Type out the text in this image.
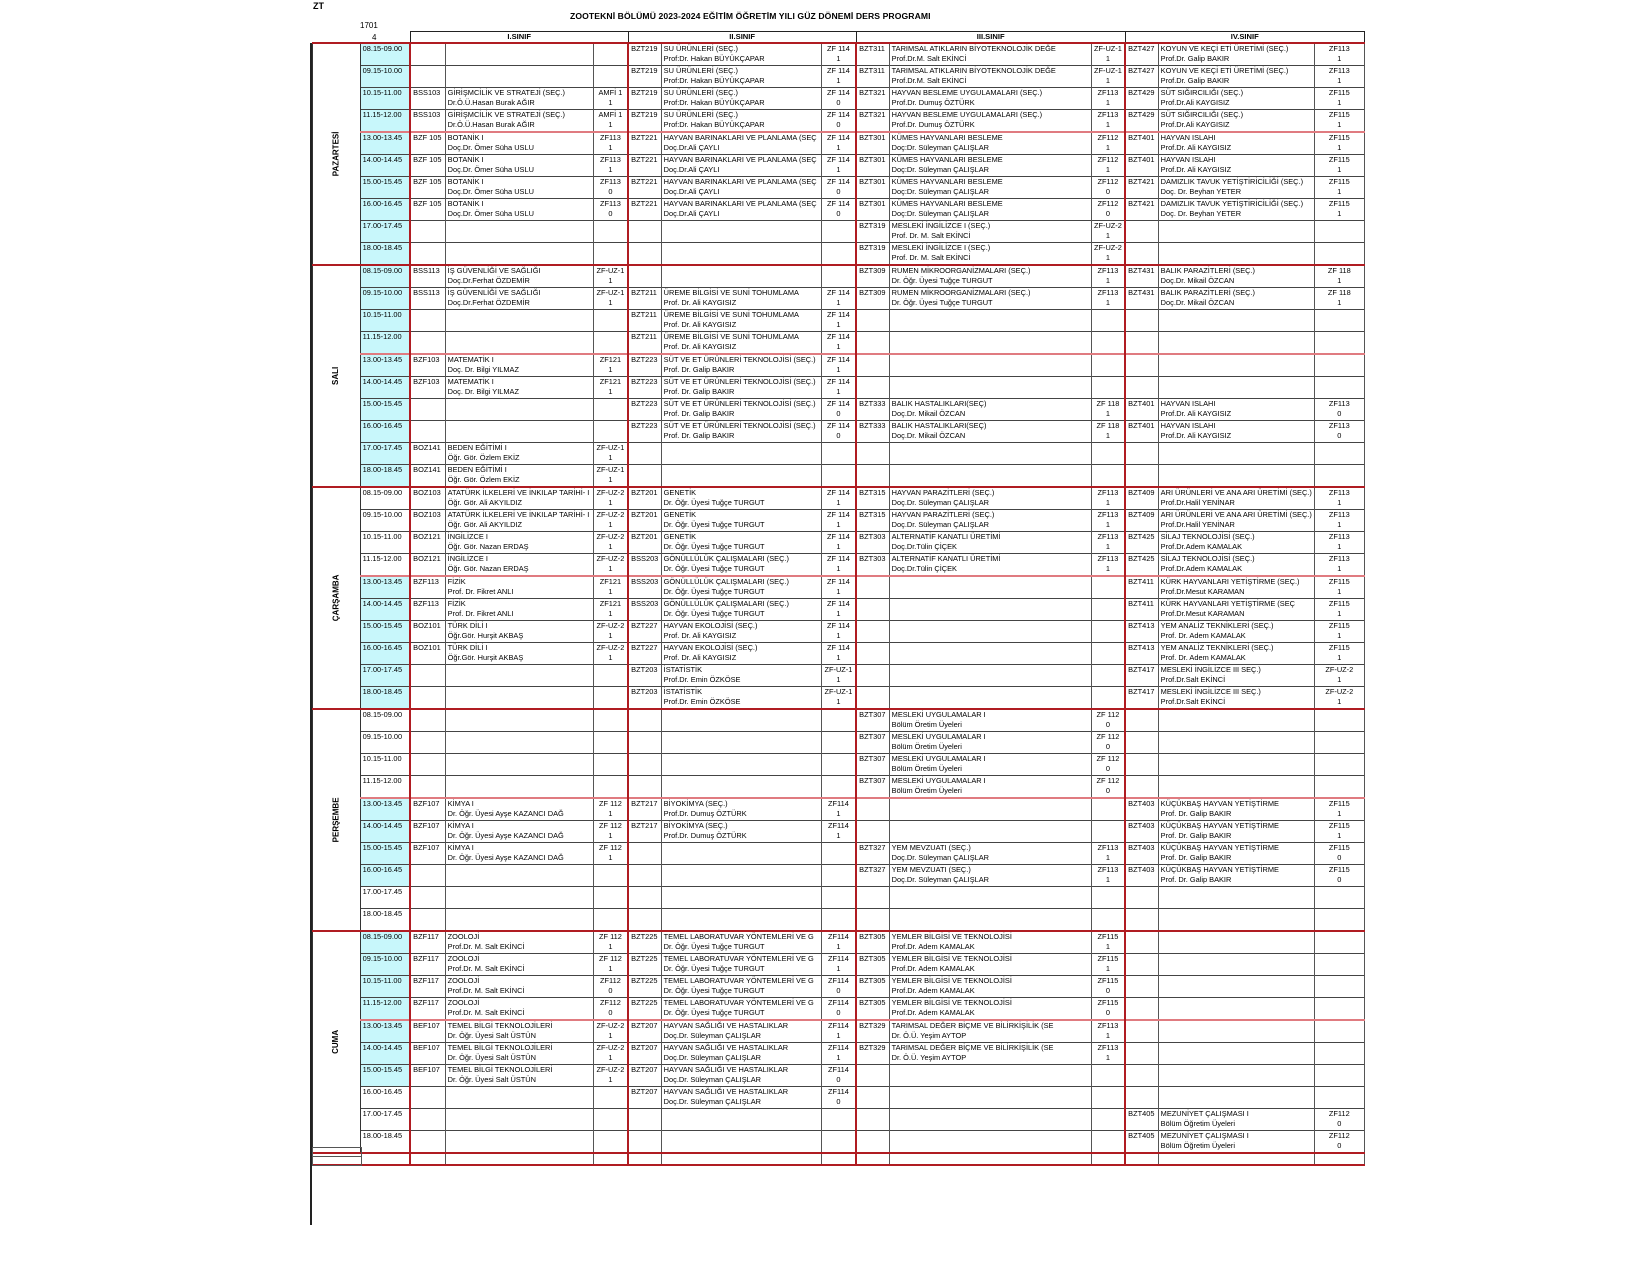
ZT
ZOOTEKNİ BÖLÜMÜ 2023-2024 EĞİTİM ÖĞRETİM YILI GÜZ DÖNEMİ DERS PROGRAMI
1701
4
		I.SINIF			II.SINIF			III.SINIF			IV.SINIF		
PAZARTESİ	08.15-09.00				BZT219	SU ÜRÜNLERİ (SEÇ.)	ZF 114	BZT311	TARIMSAL ATIKLARIN BİYOTEKNOLOJİK DEĞE	ZF-UZ-1	BZT427	KOYUN VE KEÇİ ETİ ÜRETİMİ (SEÇ.)	ZF113
						Prof:Dr. Hakan BÜYÜKÇAPAR	1		Prof.Dr.M. Salt EKİNCİ	1		Prof.Dr. Galip BAKIR	1
	09.15-10.00				BZT219	SU ÜRÜNLERİ (SEÇ.)	ZF 114	BZT311	TARIMSAL ATIKLARIN BİYOTEKNOLOJİK DEĞE	ZF-UZ-1	BZT427	KOYUN VE KEÇİ ETİ ÜRETİMİ (SEÇ.)	ZF113
						Prof:Dr. Hakan BÜYÜKÇAPAR	1		Prof.Dr.M. Salt EKİNCİ	1		Prof.Dr. Galip BAKIR	1
	10.15-11.00	BSS103	GİRİŞMCİLİK VE STRATEJİ (SEÇ.)	AMFİ 1	BZT219	SU ÜRÜNLERİ (SEÇ.)	ZF 114	BZT321	HAYVAN BESLEME UYGULAMALARI (SEÇ.)	ZF113	BZT429	SÜT SIĞIRCILIĞI (SEÇ.)	ZF115
			Dr.Ö.Ü.Hasan Burak AĞIR	1		Prof:Dr. Hakan BÜYÜKÇAPAR	0		Prof.Dr. Dumuş ÖZTÜRK	1		Prof.Dr.Ali KAYGISIZ	1
	11.15-12.00	BSS103	GİRİŞMCİLİK VE STRATEJİ (SEÇ.)	AMFİ 1	BZT219	SU ÜRÜNLERİ (SEÇ.)	ZF 114	BZT321	HAYVAN BESLEME UYGULAMALARI (SEÇ.)	ZF113	BZT429	SÜT SIĞIRCILIĞI (SEÇ.)	ZF115
			Dr.Ö.Ü.Hasan Burak AĞIR	1		Prof:Dr. Hakan BÜYÜKÇAPAR	0		Prof.Dr. Dumuş ÖZTÜRK	1		Prof.Dr.Ali KAYGISIZ	1
	13.00-13.45	BZF 105	BOTANİK I	ZF113	BZT221	HAYVAN BARINAKLARI VE PLANLAMA (SEÇ	ZF 114	BZT301	KÜMES HAYVANLARI BESLEME	ZF112	BZT401	HAYVAN ISLAHI	ZF115
			Doç.Dr. Ömer Süha USLU	1		Doç.Dr.Ali ÇAYLI	1		Doç:Dr. Süleyman ÇALIŞLAR	1		Prof.Dr. Ali KAYGISIZ	1
	14.00-14.45	BZF 105	BOTANİK I	ZF113	BZT221	HAYVAN BARINAKLARI VE PLANLAMA (SEÇ	ZF 114	BZT301	KÜMES HAYVANLARI BESLEME	ZF112	BZT401	HAYVAN ISLAHI	ZF115
			Doç.Dr. Ömer Süha USLU	1		Doç.Dr.Ali ÇAYLI	1		Doç:Dr. Süleyman ÇALIŞLAR	1		Prof.Dr. Ali KAYGISIZ	1
	15.00-15.45	BZF 105	BOTANİK I	ZF113	BZT221	HAYVAN BARINAKLARI VE PLANLAMA (SEÇ	ZF 114	BZT301	KÜMES HAYVANLARI BESLEME	ZF112	BZT421	DAMIZLIK TAVUK YETİŞTİRİCİLİĞİ (SEÇ.)	ZF115
			Doç.Dr. Ömer Süha USLU	0		Doç.Dr.Ali ÇAYLI	0		Doç:Dr. Süleyman ÇALIŞLAR	0		Doç. Dr. Beyhan YETER	1
	16.00-16.45	BZF 105	BOTANİK I	ZF113	BZT221	HAYVAN BARINAKLARI VE PLANLAMA (SEÇ	ZF 114	BZT301	KÜMES HAYVANLARI BESLEME	ZF112	BZT421	DAMIZLIK TAVUK YETİŞTİRİCİLİĞİ (SEÇ.)	ZF115
			Doç.Dr. Ömer Süha USLU	0		Doç.Dr.Ali ÇAYLI	0		Doç:Dr. Süleyman ÇALIŞLAR	0		Doç. Dr. Beyhan YETER	1
	17.00-17.45							BZT319	MESLEKİ İNGİLİZCE I (SEÇ.)	ZF-UZ-2			
									Prof. Dr. M. Salt EKİNCİ	1			
	18.00-18.45							BZT319	MESLEKİ İNGİLİZCE I (SEÇ.)	ZF-UZ-2			
									Prof. Dr. M. Salt EKİNCİ	1			
SALI	08.15-09.00	BSS113	İŞ GÜVENLİĞİ VE SAĞLIĞI	ZF-UZ-1				BZT309	RUMEN MİKROORGANİZMALARI (SEÇ.)	ZF113	BZT431	BALIK PARAZİTLERİ (SEÇ.)	ZF 118
			Doç.Dr.Ferhat ÖZDEMİR	1					Dr. Öğr. Üyesi Tuğçe TURGUT	1		Doç.Dr. Mikail ÖZCAN	1
	09.15-10.00	BSS113	İŞ GÜVENLİĞİ VE SAĞLIĞI	ZF-UZ-1	BZT211	ÜREME BİLGİSİ VE SUNİ TOHUMLAMA	ZF 114	BZT309	RUMEN MİKROORGANİZMALARI (SEÇ.)	ZF113	BZT431	BALIK PARAZİTLERİ (SEÇ.)	ZF 118
			Doç.Dr.Ferhat ÖZDEMİR	1		Prof. Dr. Ali KAYGISIZ	1		Dr. Öğr. Üyesi Tuğçe TURGUT	1		Doç.Dr. Mikail ÖZCAN	1
	10.15-11.00				BZT211	ÜREME BİLGİSİ VE SUNİ TOHUMLAMA	ZF 114						
						Prof. Dr. Ali KAYGISIZ	1						
	11.15-12.00				BZT211	ÜREME BİLGİSİ VE SUNİ TOHUMLAMA	ZF 114						
						Prof. Dr. Ali KAYGISIZ	1						
	13.00-13.45	BZF103	MATEMATİK I	ZF121	BZT223	SÜT VE ET ÜRÜNLERİ TEKNOLOJİSİ (SEÇ.)	ZF 114						
			Doç. Dr. Bilgi YILMAZ	1		Prof. Dr. Galip BAKIR	1						
	14.00-14.45	BZF103	MATEMATİK I	ZF121	BZT223	SÜT VE ET ÜRÜNLERİ TEKNOLOJİSİ (SEÇ.)	ZF 114						
			Doç. Dr. Bilgi YILMAZ	1		Prof. Dr. Galip BAKIR	1						
	15.00-15.45				BZT223	SÜT VE ET ÜRÜNLERİ TEKNOLOJİSİ (SEÇ.)	ZF 114	BZT333	BALIK HASTALIKLARI(SEÇ)	ZF 118	BZT401	HAYVAN ISLAHI	ZF113
						Prof. Dr. Galip BAKIR	0		Doç.Dr. Mikail ÖZCAN	1		Prof.Dr. Ali KAYGISIZ	0
	16.00-16.45				BZT223	SÜT VE ET ÜRÜNLERİ TEKNOLOJİSİ (SEÇ.)	ZF 114	BZT333	BALIK HASTALIKLARI(SEÇ)	ZF 118	BZT401	HAYVAN ISLAHI	ZF113
						Prof. Dr. Galip BAKIR	0		Doç.Dr. Mikail ÖZCAN	1		Prof.Dr. Ali KAYGISIZ	0
	17.00-17.45	BOZ141	BEDEN EĞİTİMİ I	ZF-UZ-1									
			Öğr. Gör. Özlem EKİZ	1									
	18.00-18.45	BOZ141	BEDEN EĞİTİMİ I	ZF-UZ-1									
			Öğr. Gör. Özlem EKİZ	1									
ÇARŞAMBA	08.15-09.00	BOZ103	ATATÜRK İLKELERİ VE İNKILAP TARİHİ- I	ZF-UZ-2	BZT201	GENETİK	ZF 114	BZT315	HAYVAN PARAZİTLERİ (SEÇ.)	ZF113	BZT409	ARI ÜRÜNLERİ VE ANA ARI ÜRETİMİ (SEÇ.)	ZF113
			Öğr. Gör. Ali AKYILDIZ	1		Dr. Öğr. Üyesi Tuğçe TURGUT	1		Doç.Dr. Süleyman ÇALIŞLAR	1		Prof.Dr.Halil YENİNAR	1
	09.15-10.00	BOZ103	ATATÜRK İLKELERİ VE İNKILAP TARİHİ- I	ZF-UZ-2	BZT201	GENETİK	ZF 114	BZT315	HAYVAN PARAZİTLERİ (SEÇ.)	ZF113	BZT409	ARI ÜRÜNLERİ VE ANA ARI ÜRETİMİ (SEÇ.)	ZF113
			Öğr. Gör. Ali AKYILDIZ	1		Dr. Öğr. Üyesi Tuğçe TURGUT	1		Doç.Dr. Süleyman ÇALIŞLAR	1		Prof.Dr.Halil YENİNAR	1
	10.15-11.00	BOZ121	İNGİLİZCE I	ZF-UZ-2	BZT201	GENETİK	ZF 114	BZT303	ALTERNATİF KANATLI ÜRETİMİ	ZF113	BZT425	SİLAJ TEKNOLOJİSİ (SEÇ.)	ZF113
			Öğr. Gör. Nazan ERDAŞ	1		Dr. Öğr. Üyesi Tuğçe TURGUT	1		Doç.Dr.Tülin ÇİÇEK	1		Prof.Dr.Adem KAMALAK	1
	11.15-12.00	BOZ121	İNGİLİZCE I	ZF-UZ-2	BSS203	GÖNÜLLÜLÜK ÇALIŞMALARI (SEÇ.)	ZF 114	BZT303	ALTERNATİF KANATLI ÜRETİMİ	ZF113	BZT425	SİLAJ TEKNOLOJİSİ (SEÇ.)	ZF113
			Öğr. Gör. Nazan ERDAŞ	1		Dr. Öğr. Üyesi Tuğçe TURGUT	1		Doç.Dr.Tülin ÇİÇEK	1		Prof.Dr.Adem KAMALAK	1
	13.00-13.45	BZF113	FİZİK	ZF121	BSS203	GÖNÜLLÜLÜK ÇALIŞMALARI (SEÇ.)	ZF 114				BZT411	KÜRK HAYVANLARI YETİŞTİRME (SEÇ.)	ZF115
			Prof. Dr. Fikret ANLI	1		Dr. Öğr. Üyesi Tuğçe TURGUT	1					Prof.Dr.Mesut KARAMAN	1
	14.00-14.45	BZF113	FİZİK	ZF121	BSS203	GÖNÜLLÜLÜK ÇALIŞMALARI (SEÇ.)	ZF 114				BZT411	KÜRK HAYVANLARI YETİŞTİRME (SEÇ	ZF115
			Prof. Dr. Fikret ANLI	1		Dr. Öğr. Üyesi Tuğçe TURGUT	1					Prof.Dr.Mesut KARAMAN	1
	15.00-15.45	BOZ101	TÜRK DİLİ I	ZF-UZ-2	BZT227	HAYVAN EKOLOJİSİ (SEÇ.)	ZF 114				BZT413	YEM ANALİZ TEKNİKLERİ (SEÇ.)	ZF115
			Öğr.Gör. Hurşit AKBAŞ	1		Prof. Dr. Ali KAYGISIZ	1					Prof. Dr. Adem KAMALAK	1
	16.00-16.45	BOZ101	TÜRK DİLİ I	ZF-UZ-2	BZT227	HAYVAN EKOLOJİSİ (SEÇ.)	ZF 114				BZT413	YEM ANALİZ TEKNİKLERİ (SEÇ.)	ZF115
			Öğr.Gör. Hurşit AKBAŞ	1		Prof. Dr. Ali KAYGISIZ	1					Prof. Dr. Adem KAMALAK	1
	17.00-17.45				BZT203	İSTATİSTİK	ZF-UZ-1				BZT417	MESLEKİ İNGİLİZCE III SEÇ.)	ZF-UZ-2
						Prof.Dr. Emin ÖZKÖSE	1					Prof.Dr.Salt EKİNCİ	1
	18.00-18.45				BZT203	İSTATİSTİK	ZF-UZ-1				BZT417	MESLEKİ İNGİLİZCE III SEÇ.)	ZF-UZ-2
						Prof.Dr. Emin ÖZKÖSE	1					Prof.Dr.Salt EKİNCİ	1
PERŞEMBE	08.15-09.00							BZT307	MESLEKİ UYGULAMALAR I	ZF 112			
									Bölüm Öretim Üyeleri	0			
	09.15-10.00							BZT307	MESLEKİ UYGULAMALAR I	ZF 112			
									Bölüm Öretim Üyeleri	0			
	10.15-11.00							BZT307	MESLEKİ UYGULAMALAR I	ZF 112			
									Bölüm Öretim Üyeleri	0			
	11.15-12.00							BZT307	MESLEKİ UYGULAMALAR I	ZF 112			
									Bölüm Öretim Üyeleri	0			
	13.00-13.45	BZF107	KİMYA I	ZF 112	BZT217	BİYOKİMYA (SEÇ.)	ZF114				BZT403	KÜÇÜKBAŞ HAYVAN YETİŞTİRME	ZF115
			Dr. Öğr. Üyesi Ayşe KAZANCI DAĞ	1		Prof.Dr. Dumuş ÖZTÜRK	1					Prof. Dr. Galip BAKIR	1
	14.00-14.45	BZF107	KİMYA I	ZF 112	BZT217	BİYOKİMYA (SEÇ.)	ZF114				BZT403	KÜÇÜKBAŞ HAYVAN YETİŞTİRME	ZF115
			Dr. Öğr. Üyesi Ayşe KAZANCI DAĞ	1		Prof.Dr. Dumuş ÖZTÜRK	1					Prof. Dr. Galip BAKIR	1
	15.00-15.45	BZF107	KİMYA I	ZF 112				BZT327	YEM MEVZUATI (SEÇ.)	ZF113	BZT403	KÜÇÜKBAŞ HAYVAN YETİŞTİRME	ZF115
			Dr. Öğr. Üyesi Ayşe KAZANCI DAĞ	1					Doç.Dr. Süleyman ÇALIŞLAR	1		Prof. Dr. Galip BAKIR	0
	16.00-16.45							BZT327	YEM MEVZUATI (SEÇ.)	ZF113	BZT403	KÜÇÜKBAŞ HAYVAN YETİŞTİRME	ZF115
									Doç.Dr. Süleyman ÇALIŞLAR	1		Prof. Dr. Galip BAKIR	0
	17.00-17.45												

	18.00-18.45												

CUMA	08.15-09.00	BZF117	ZOOLOJİ	ZF 112	BZT225	TEMEL LABORATUVAR YÖNTEMLERİ VE G	ZF114	BZT305	YEMLER BİLGİSİ VE TEKNOLOJİSİ	ZF115			
			Prof.Dr. M. Salt EKİNCİ	1		Dr. Öğr. Üyesi Tuğçe TURGUT	1		Prof.Dr. Adem KAMALAK	1			
	09.15-10.00	BZF117	ZOOLOJİ	ZF 112	BZT225	TEMEL LABORATUVAR YÖNTEMLERİ VE G	ZF114	BZT305	YEMLER BİLGİSİ VE TEKNOLOJİSİ	ZF115			
			Prof.Dr. M. Salt EKİNCİ	1		Dr. Öğr. Üyesi Tuğçe TURGUT	1		Prof.Dr. Adem KAMALAK	1			
	10.15-11.00	BZF117	ZOOLOJİ	ZF112	BZT225	TEMEL LABORATUVAR YÖNTEMLERİ VE G	ZF114	BZT305	YEMLER BİLGİSİ VE TEKNOLOJİSİ	ZF115			
			Prof.Dr. M. Salt EKİNCİ	0		Dr. Öğr. Üyesi Tuğçe TURGUT	0		Prof.Dr. Adem KAMALAK	0			
	11.15-12.00	BZF117	ZOOLOJİ	ZF112	BZT225	TEMEL LABORATUVAR YÖNTEMLERİ VE G	ZF114	BZT305	YEMLER BİLGİSİ VE TEKNOLOJİSİ	ZF115			
			Prof.Dr. M. Salt EKİNCİ	0		Dr. Öğr. Üyesi Tuğçe TURGUT	0		Prof.Dr. Adem KAMALAK	0			
	13.00-13.45	BEF107	TEMEL BİLGİ TEKNOLOJİLERİ	ZF-UZ-2	BZT207	HAYVAN SAĞLIĞI VE HASTALIKLAR	ZF114	BZT329	TARIMSAL DEĞER BİÇME VE BİLİRKİŞİLİK (SE	ZF113			
			Dr. Öğr. Üyesi Salt ÜSTÜN	1		Doç.Dr. Süleyman ÇALIŞLAR	1		Dr. Ö.Ü. Yeşim AYTOP	1			
	14.00-14.45	BEF107	TEMEL BİLGİ TEKNOLOJİLERİ	ZF-UZ-2	BZT207	HAYVAN SAĞLIĞI VE HASTALIKLAR	ZF114	BZT329	TARIMSAL DEĞER BİÇME VE BİLİRKİŞİLİK (SE	ZF113			
			Dr. Öğr. Üyesi Salt ÜSTÜN	1		Doç.Dr. Süleyman ÇALIŞLAR	1		Dr. Ö.Ü. Yeşim AYTOP	1			
	15.00-15.45	BEF107	TEMEL BİLGİ TEKNOLOJİLERİ	ZF-UZ-2	BZT207	HAYVAN SAĞLIĞI VE HASTALIKLAR	ZF114						
			Dr. Öğr. Üyesi Salt ÜSTÜN	1		Doç.Dr. Süleyman ÇALIŞLAR	0						
	16.00-16.45				BZT207	HAYVAN SAĞLIĞI VE HASTALIKLAR	ZF114						
						Doç.Dr. Süleyman ÇALIŞLAR	0						
	17.00-17.45										BZT405	MEZUNİYET ÇALIŞMASI I	ZF112
												Bölüm Öğretim Üyeleri	0
	18.00-18.45										BZT405	MEZUNİYET ÇALIŞMASI I	ZF112
												Bölüm Öğretim Üyeleri	0
